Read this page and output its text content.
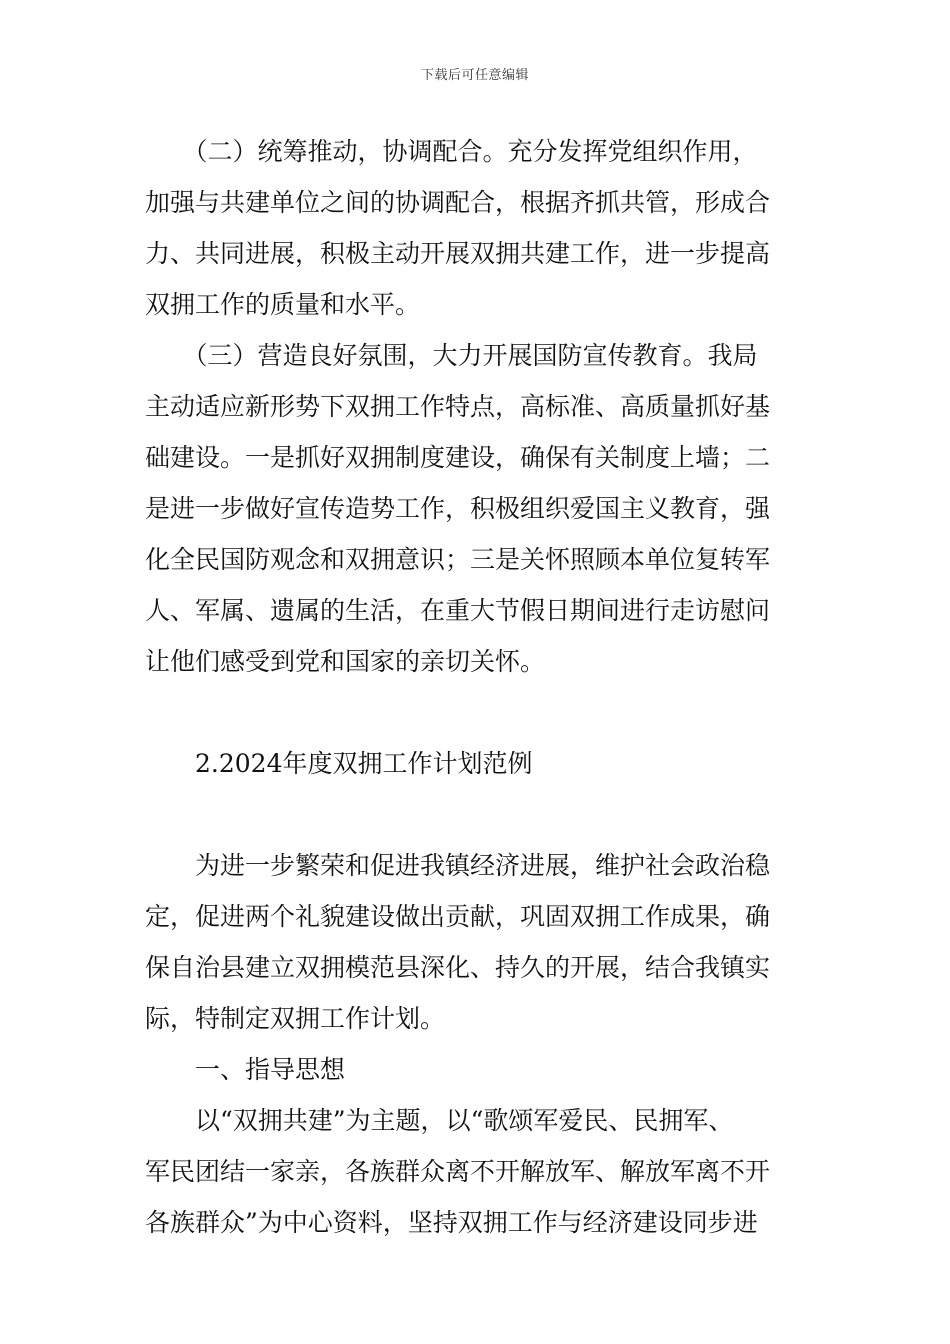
下载后可任意编辑
　　（二）统筹推动，协调配合。充分发挥党组织作用，
加强与共建单位之间的协调配合，根据齐抓共管，形成合
力、共同进展，积极主动开展双拥共建工作，进一步提高
双拥工作的质量和水平。
　　（三）营造良好氛围，大力开展国防宣传教育。我局
主动适应新形势下双拥工作特点，高标准、高质量抓好基
础建设。一是抓好双拥制度建设，确保有关制度上墙；二
是进一步做好宣传造势工作，积极组织爱国主义教育，强
化全民国防观念和双拥意识；三是关怀照顾本单位复转军
人、军属、遗属的生活，在重大节假日期间进行走访慰问
让他们感受到党和国家的亲切关怀。
2.2024年度双拥工作计划范例
　　为进一步繁荣和促进我镇经济进展，维护社会政治稳
定，促进两个礼貌建设做出贡献，巩固双拥工作成果，确
保自治县建立双拥模范县深化、持久的开展，结合我镇实
际，特制定双拥工作计划。
　　一、指导思想
　　以“双拥共建”为主题，以“歌颂军爱民、民拥军、
军民团结一家亲，各族群众离不开解放军、解放军离不开
各族群众”为中心资料，坚持双拥工作与经济建设同步进
